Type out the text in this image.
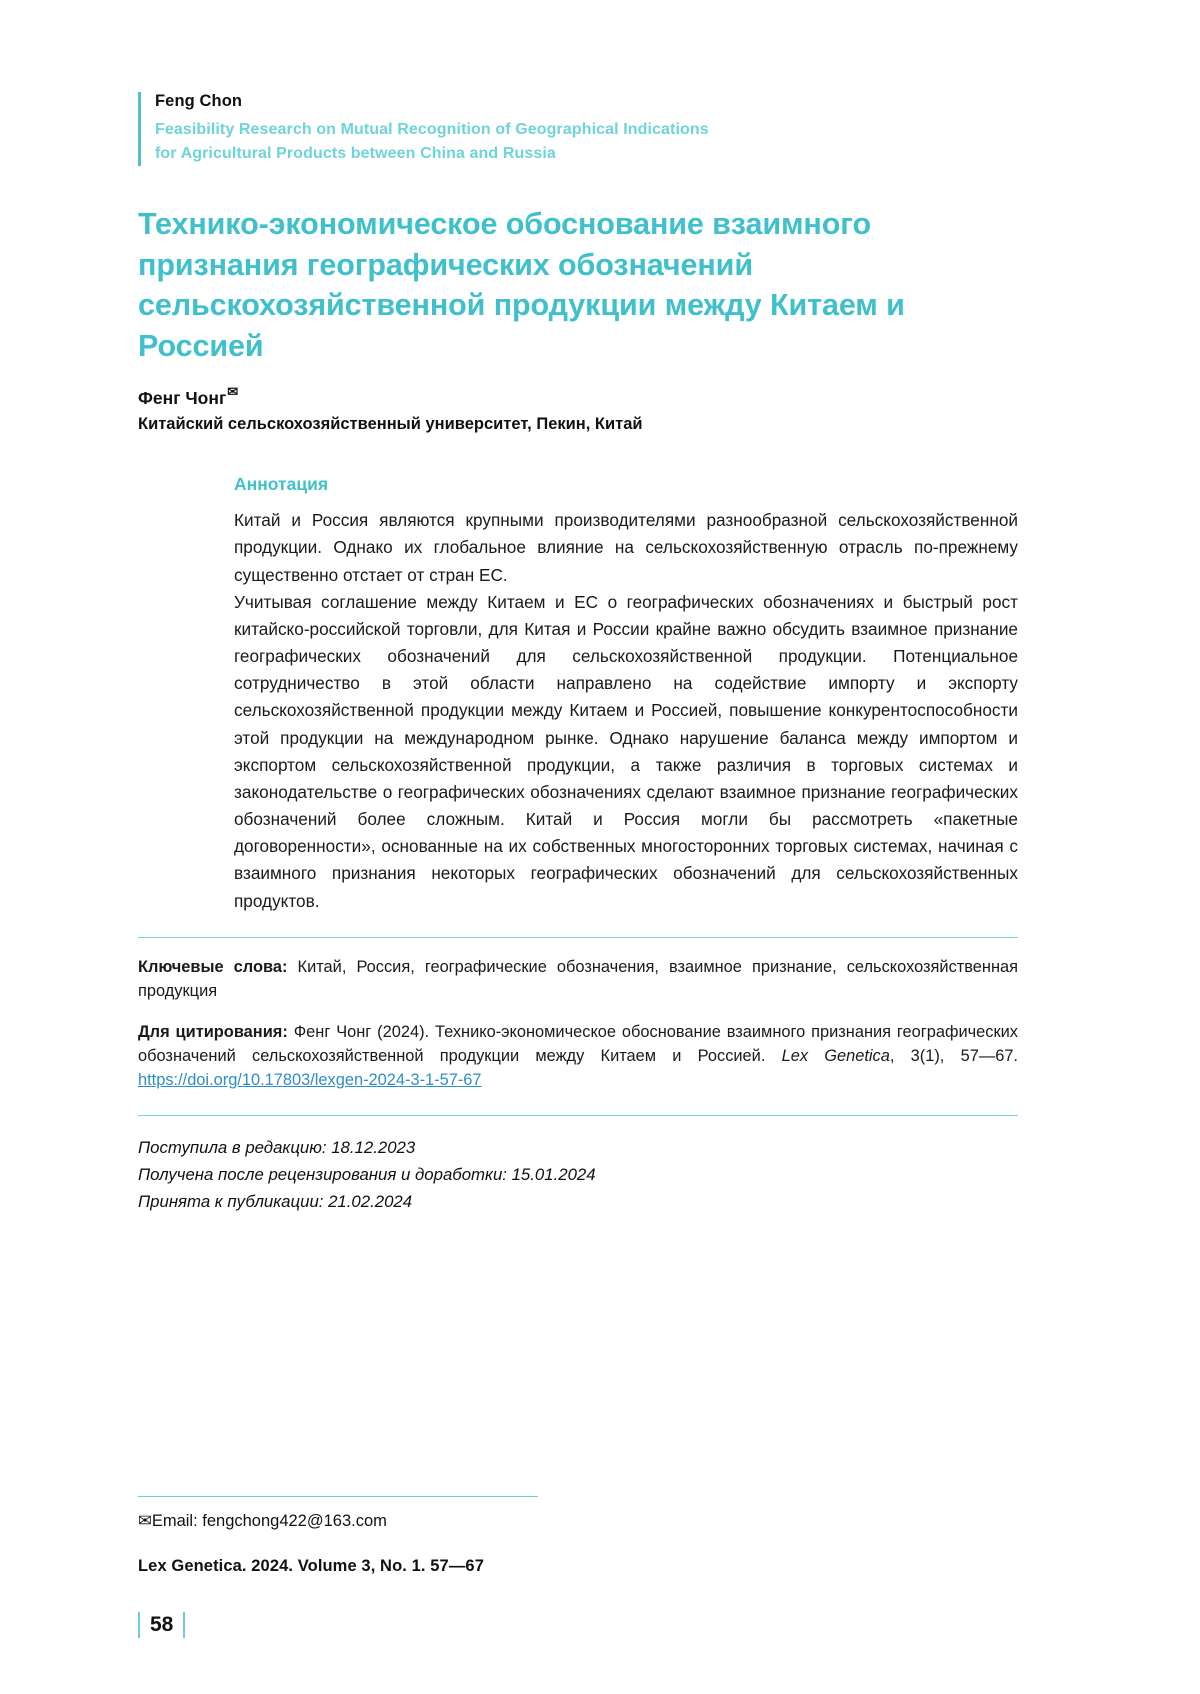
Feng Chon
Feasibility Research on Mutual Recognition of Geographical Indications
for Agricultural Products between China and Russia
Технико-экономическое обоснование взаимного признания географических обозначений сельскохозяйственной продукции между Китаем и Россией
Фенг Чонг ✉
Китайский сельскохозяйственный университет, Пекин, Китай
Аннотация

Китай и Россия являются крупными производителями разнообразной сельскохозяйственной продукции. Однако их глобальное влияние на сельскохозяйственную отрасль по-прежнему существенно отстает от стран ЕС.

Учитывая соглашение между Китаем и ЕС о географических обозначениях и быстрый рост китайско-российской торговли, для Китая и России крайне важно обсудить взаимное признание географических обозначений для сельскохозяйственной продукции. Потенциальное сотрудничество в этой области направлено на содействие импорту и экспорту сельскохозяйственной продукции между Китаем и Россией, повышение конкурентоспособности этой продукции на международном рынке. Однако нарушение баланса между импортом и экспортом сельскохозяйственной продукции, а также различия в торговых системах и законодательстве о географических обозначениях сделают взаимное признание географических обозначений более сложным. Китай и Россия могли бы рассмотреть «пакетные договоренности», основанные на их собственных многосторонних торговых системах, начиная с взаимного признания некоторых географических обозначений для сельскохозяйственных продуктов.

Ключевые слова: Китай, Россия, географические обозначения, взаимное признание, сельскохозяйственная продукция
Для цитирования: Фенг Чонг (2024). Технико-экономическое обоснование взаимного признания географических обозначений сельскохозяйственной продукции между Китаем и Россией. Lex Genetica, 3(1), 57—67. https://doi.org/10.17803/lexgen-2024-3-1-57-67
Поступила в редакцию: 18.12.2023
Получена после рецензирования и доработки: 15.01.2024
Принята к публикации: 21.02.2024
✉Email: fengchong422@163.com
Lex Genetica. 2024. Volume 3, No. 1. 57—67
58
